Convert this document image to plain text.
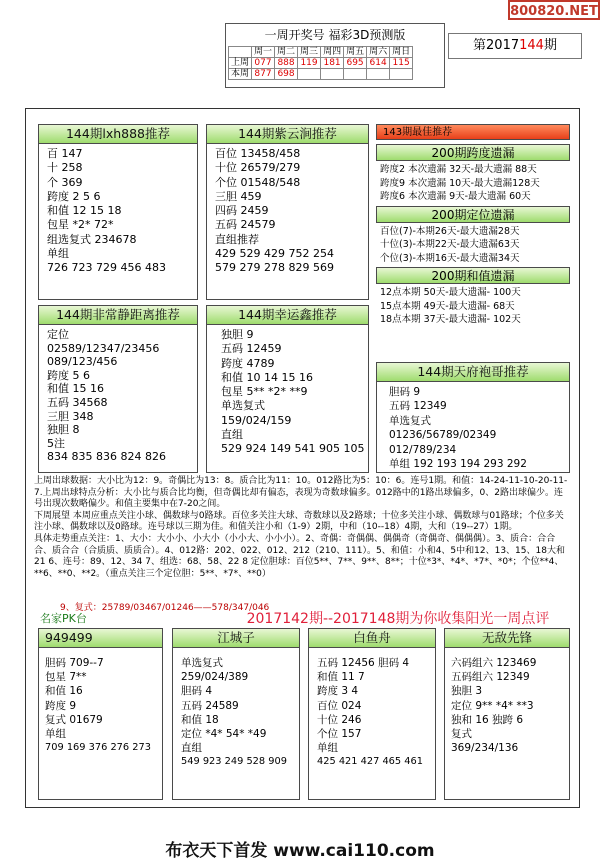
800820.NET
一周开奖号 福彩3D预测版
	周一	周二	周三	周四	周五	周六	周日
上周	077	888	119	181	695	614	115
本周	877	698					
第2017144期
144期lxh888推荐
百 147
十 258
个 369
跨度 2 5 6
和值 12 15 18
包星 *2* 72*
组选复式 234678
单组
726 723 729 456 483
144期紫云涧推荐
百位 13458/458
十位 26579/279
个位 01548/548
三胆 459
四码 2459
五码 24579
直组推荐
429 529 429 752 254
579 279 278 829 569
144期非常静距离推荐
定位
02589/12347/23456
089/123/456
跨度 5 6
和值 15 16
五码 34568
三胆 348
独胆 8
5注
834 835 836 824 826
144期幸运鑫推荐
独胆 9
五码 12459
跨度 4789
和值 10 14 15 16
包星 5** *2* **9
单选复式
159/024/159
直组
529 924 149 541 905 105
143期最佳推荐
200期跨度遗漏
跨度2 本次遗漏 32天-最大遗漏 88天
跨度9 本次遗漏 10天-最大遗漏128天
跨度6 本次遗漏 9天-最大遗漏 60天
200期定位遗漏
百位(7)-本期26天-最大遗漏28天
十位(3)-本期22天-最大遗漏63天
个位(3)-本期16天-最大遗漏34天
200期和值遗漏
12点本期 50天-最大遗漏- 100天
15点本期 49天-最大遗漏- 68天
18点本期 37天-最大遗漏- 102天
144期天府袍哥推荐
胆码 9
五码 12349
单选复式
01236/56789/02349
012/789/234
单组 192 193 194 293 292

上周出球数据：大小比为12：9。奇偶比为13：8。质合比为11：10。012路比为5：10：6。连号1期。和值：14-24-11-10-20-11-7.上周出球特点分析：大小比与质合比均衡，但奇偶比却有偏态，表现为奇数球偏多。012路中的1路出球偏多，0、2路出球偏少。连号出现次数略偏少。和值主要集中在7-20之间。

下周展望 本周应重点关注小球、偶数球与0路球。百位多关注大球、奇数球以及2路球；十位多关注小球、偶数球与01路球；个位多关注小球、偶数球以及0路球。连号球以三期为佳。和值关注小和（1-9）2期，中和（10--18）4期，大和（19--27）1期。

具体走势重点关注：1、大小：大小小、小大小（小小大、小小小）。2、奇偶：奇偶偶、偶偶奇（奇偶奇、偶偶偶）。3、质合：合合合、质合合（合质质、质质合）。4、012路：202、022、012、212（210、111）。5、和值：小和4、5中和12、13、15、18大和21 6、连号：89、12、34 7、组选：68、58、22 8 定位胆球：百位5**、7**、9**、8**；十位*3*、*4*、*7*、*0*；个位**4、**6、**0、**2。（重点关注三个定位胆：5**、*7*、**0）

9、复式：25789/03467/01246——578/347/046
名家PK台	2017142期--2017148期为你收集阳光一周点评
949499
胆码 709--7
包星 7**
和值 16
跨度 9
复式 01679
单组
709 169 376 276 273
江城子
单选复式
259/024/389
胆码 4
五码 24589
和值 18
定位 *4* 54* *49
直组
549 923 249 528 909
白鱼舟
五码 12456 胆码 4
和值 11 7
跨度 3 4
百位 024
十位 246
个位 157
单组
425 421 427 465 461
无敌先锋
六码组六 123469
五码组六 12349
独胆 3
定位 9** *4* **3
独和 16 独跨 6
复式
369/234/136
布衣天下首发 www.cai110.com
